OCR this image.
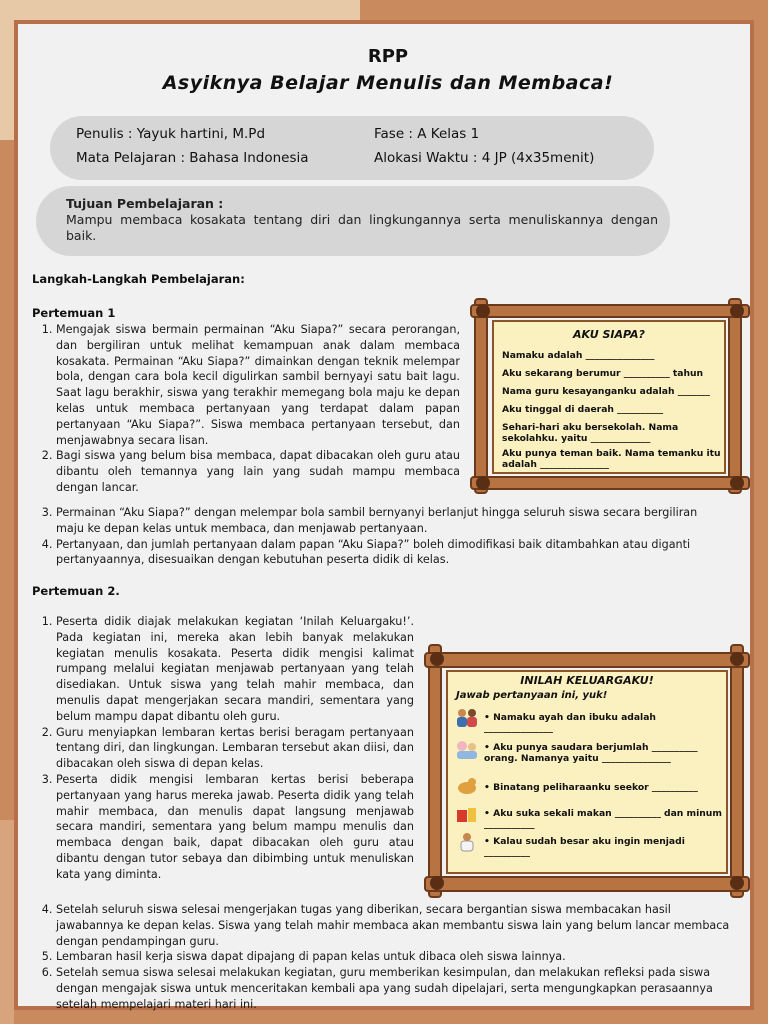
RPP
Asyiknya Belajar Menulis dan Membaca!
Penulis : Yayuk hartini, M.Pd	Fase : A Kelas 1
Mata Pelajaran : Bahasa Indonesia	Alokasi Waktu : 4 JP (4x35menit)
Tujuan Pembelajaran :
Mampu membaca kosakata tentang diri dan lingkungannya serta menuliskannya dengan baik.
Langkah-Langkah Pembelajaran:
Pertemuan 1
1. Mengajak siswa bermain permainan “Aku Siapa?” secara perorangan, dan bergiliran untuk melihat kemampuan anak dalam membaca kosakata. Permainan “Aku Siapa?” dimainkan dengan teknik melempar bola, dengan cara bola kecil digulirkan sambil bernyayi satu bait lagu. Saat lagu berakhir, siswa yang terakhir memegang bola maju ke depan kelas untuk membaca pertanyaan yang terdapat dalam papan pertanyaan “Aku Siapa?”. Siswa membaca pertanyaan tersebut, dan menjawabnya secara lisan.
2. Bagi siswa yang belum bisa membaca, dapat dibacakan oleh guru atau dibantu oleh temannya yang lain yang sudah mampu membaca dengan lancar.
3. Permainan “Aku Siapa?” dengan melempar bola sambil bernyanyi berlanjut hingga seluruh siswa secara bergiliran maju ke depan kelas untuk membaca, dan menjawab pertanyaan.
4. Pertanyaan, dan jumlah pertanyaan dalam papan “Aku Siapa?” boleh dimodifikasi baik ditambahkan atau diganti pertanyaannya, disesuaikan dengan kebutuhan peserta didik di kelas.
Pertemuan 2.
1. Peserta didik diajak melakukan kegiatan ‘Inilah Keluargaku!’. Pada kegiatan ini, mereka akan lebih banyak melakukan kegiatan menulis kosakata. Peserta didik mengisi kalimat rumpang melalui kegiatan menjawab pertanyaan yang telah disediakan. Untuk siswa yang telah mahir membaca, dan menulis dapat mengerjakan secara mandiri, sementara yang belum mampu dapat dibantu oleh guru.
2. Guru menyiapkan lembaran kertas berisi beragam pertanyaan tentang diri, dan lingkungan. Lembaran tersebut akan diisi, dan dibacakan oleh siswa di depan kelas.
3. Peserta didik mengisi lembaran kertas berisi beberapa pertanyaan yang harus mereka jawab. Peserta didik yang telah mahir membaca, dan menulis dapat langsung menjawab secara mandiri, sementara yang belum mampu menulis dan membaca dengan baik, dapat dibacakan oleh guru atau dibantu dengan tutor sebaya dan dibimbing untuk menuliskan kata yang diminta.
4. Setelah seluruh siswa selesai mengerjakan tugas yang diberikan, secara bergantian siswa membacakan hasil jawabannya ke depan kelas. Siswa yang telah mahir membaca akan membantu siswa lain yang belum lancar membaca dengan pendampingan guru.
5. Lembaran hasil kerja siswa dapat dipajang di papan kelas untuk dibaca oleh siswa lainnya.
6. Setelah semua siswa selesai melakukan kegiatan, guru memberikan kesimpulan, dan melakukan refleksi pada siswa dengan mengajak siswa untuk menceritakan kembali apa yang sudah dipelajari, serta mengungkapkan perasaannya setelah mempelajari materi hari ini.
AKU SIAPA?
Namaku adalah _______________
Aku sekarang berumur __________ tahun
Nama guru kesayanganku adalah _______
Aku tinggal di daerah __________
Sehari-hari aku bersekolah. Nama sekolahku. yaitu _____________
Aku punya teman baik. Nama temanku itu adalah _______________
INILAH KELUARGAKU!
Jawab pertanyaan ini, yuk!
• Namaku ayah dan ibuku adalah _______________
• Aku punya saudara berjumlah __________ orang. Namanya yaitu _______________
• Binatang peliharaanku seekor __________
• Aku suka sekali makan __________ dan minum ___________
• Kalau sudah besar aku ingin menjadi __________
